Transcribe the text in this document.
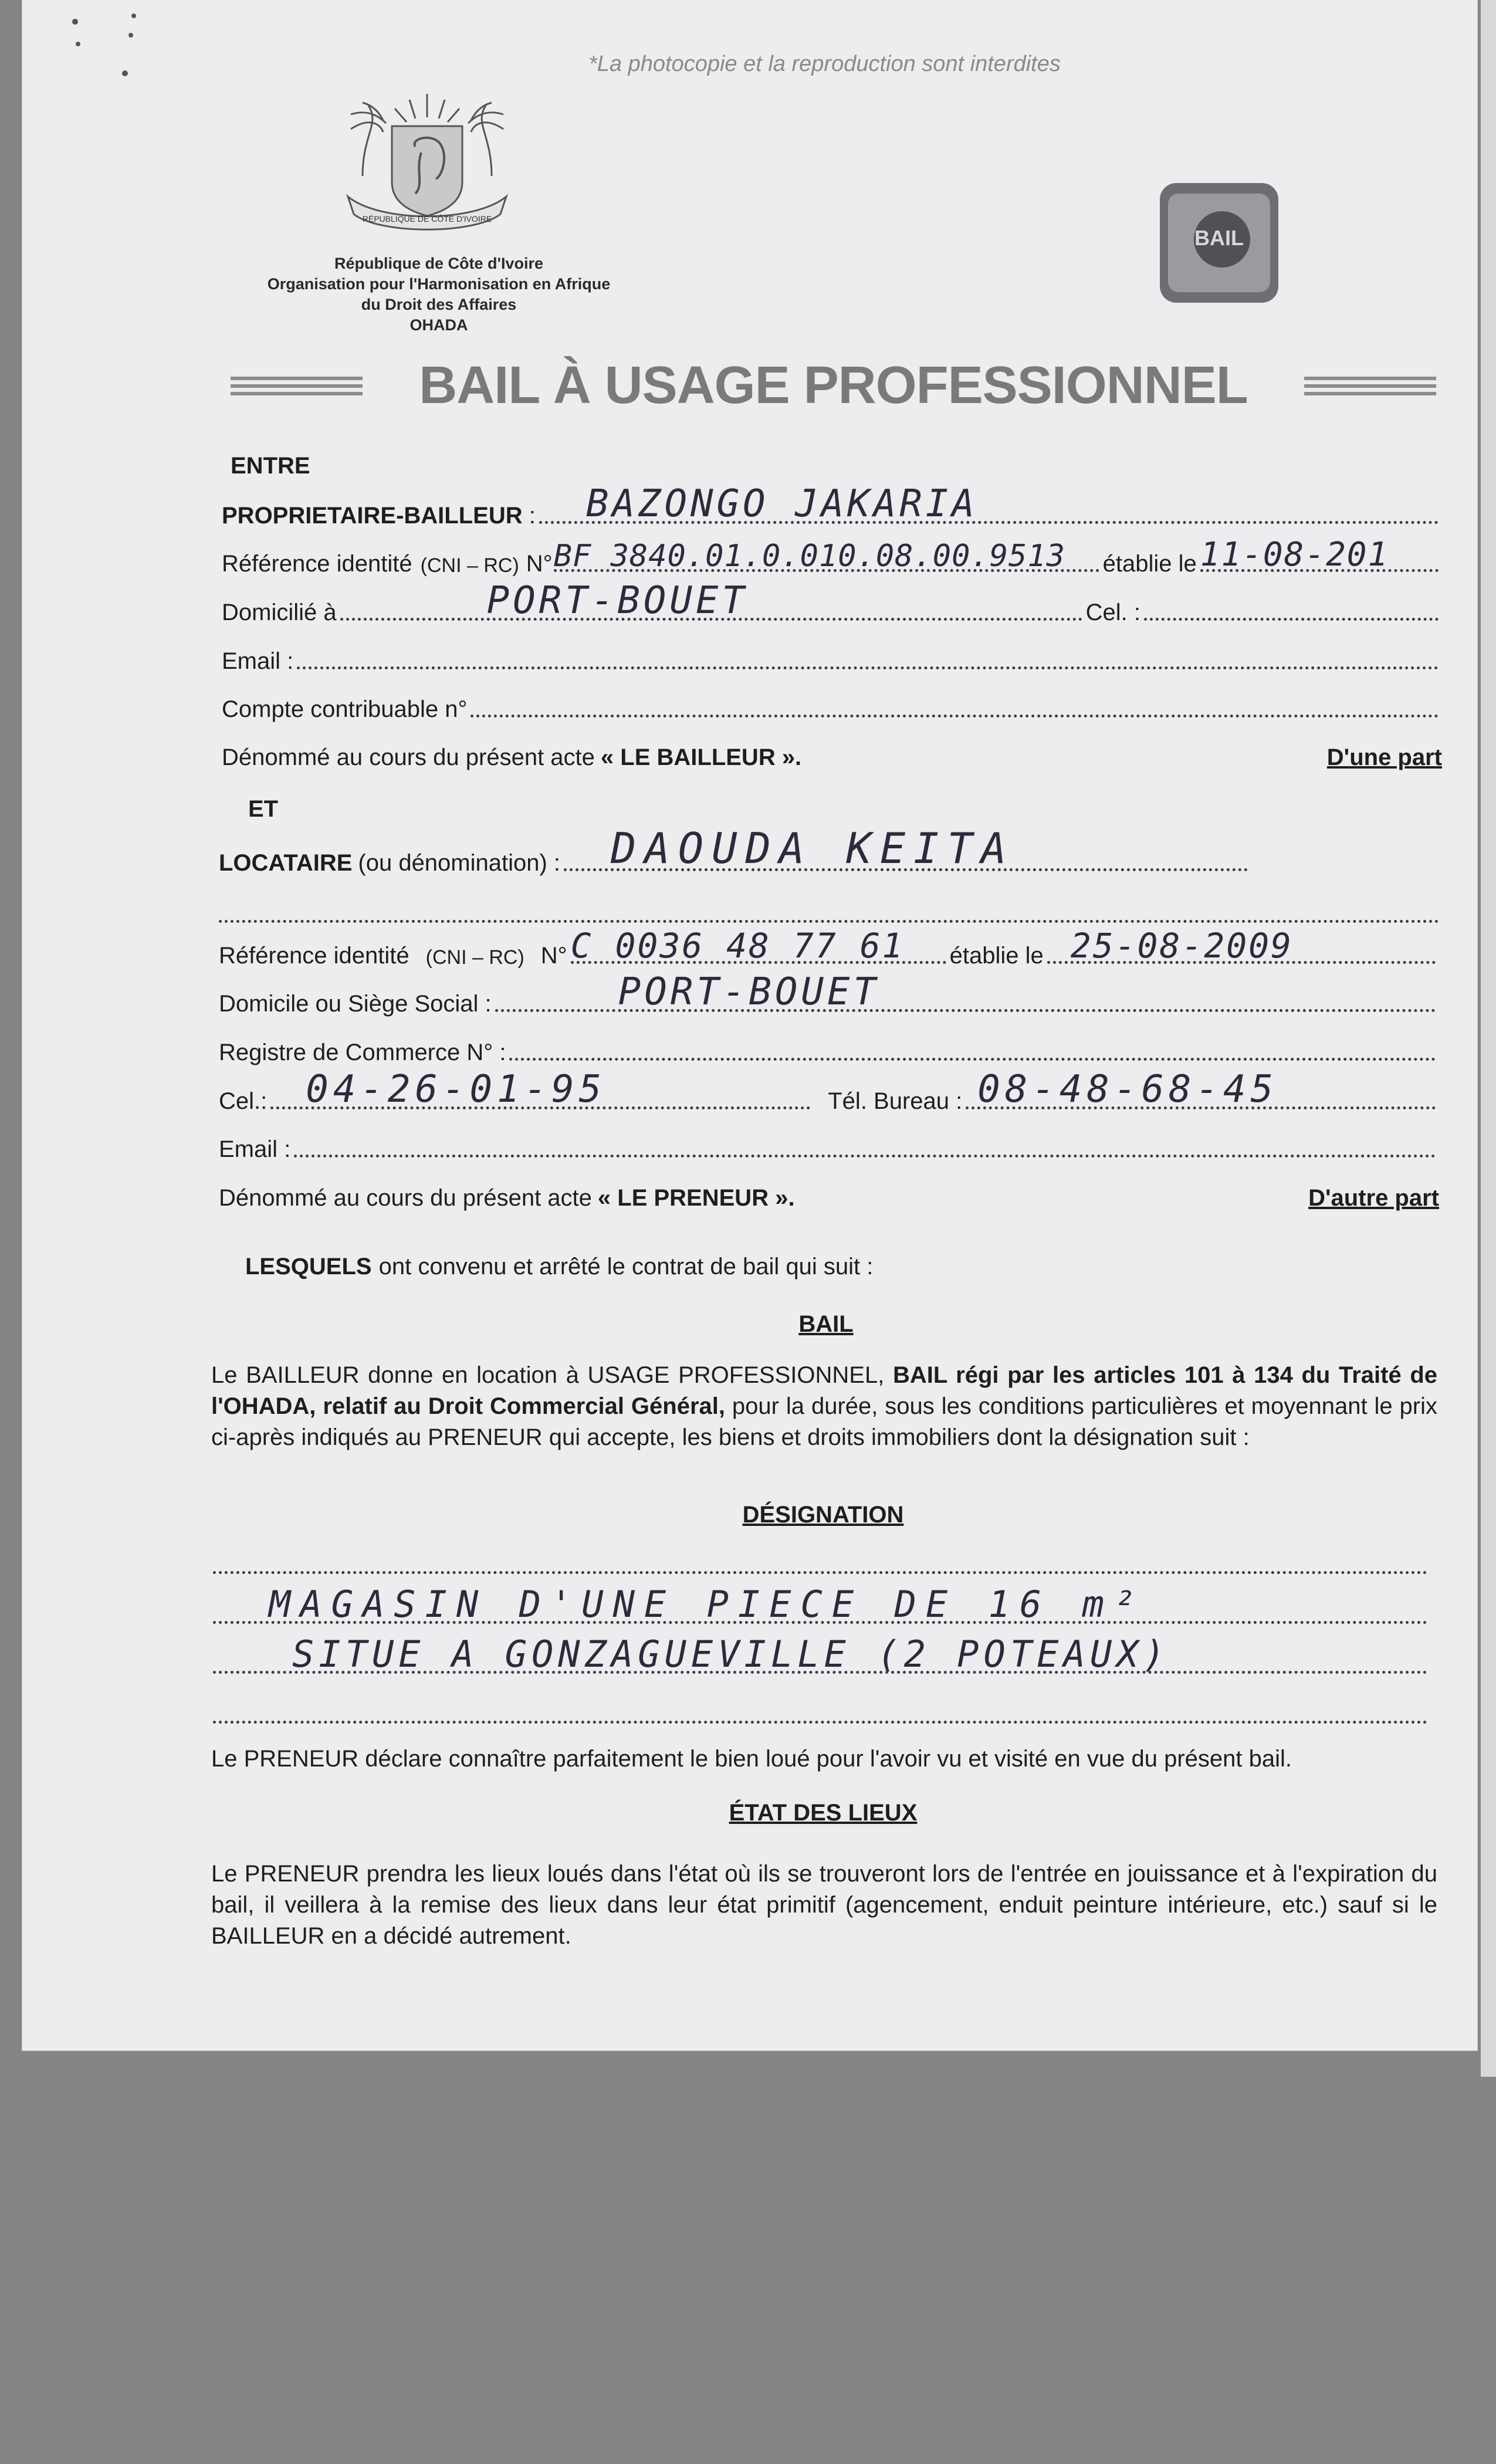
*La photocopie et la reproduction sont interdites
RÉPUBLIQUE DE CÔTE D'IVOIRE
République de Côte d'Ivoire
Organisation pour l'Harmonisation en Afrique
du Droit des Affaires
OHADA
BAIL
BAIL À USAGE PROFESSIONNEL
ENTRE
PROPRIETAIRE-BAILLEUR : BAZONGO JAKARIA
Référence identité (CNI – RC) N° BF 3840.01.0.010.08.00.9513 établie le 11-08-201
Domicilié à	PORT-BOUET	Cel. :
Email :
Compte contribuable n°
Dénommé au cours du présent acte « LE BAILLEUR ».	D'une part
ET
LOCATAIRE (ou dénomination) : DAOUDA KEITA
Référence identité (CNI – RC) N° C 0036 48 77 61 établie le 25-08-2009
Domicile ou Siège Social :	PORT-BOUET
Registre de Commerce N° :
Cel.: 04-26-01-95	Tél. Bureau : 08-48-68-45
Email :
Dénommé au cours du présent acte « LE PRENEUR ».	D'autre part
LESQUELS ont convenu et arrêté le contrat de bail qui suit :
BAIL
Le BAILLEUR donne en location à USAGE PROFESSIONNEL, BAIL régi par les articles 101 à 134 du Traité de l'OHADA, relatif au Droit Commercial Général, pour la durée, sous les conditions particulières et moyennant le prix ci-après indiqués au PRENEUR qui accepte, les biens et droits immobiliers dont la désignation suit :
DÉSIGNATION
MAGASIN D'UNE PIECE DE 16 m²
SITUE A GONZAGUEVILLE (2 POTEAUX)
Le PRENEUR déclare connaître parfaitement le bien loué pour l'avoir vu et visité en vue du présent bail.
ÉTAT DES LIEUX
Le PRENEUR prendra les lieux loués dans l'état où ils se trouveront lors de l'entrée en jouissance et à l'expiration du bail, il veillera à la remise des lieux dans leur état primitif (agencement, enduit peinture intérieure, etc.) sauf si le BAILLEUR en a décidé autrement.
